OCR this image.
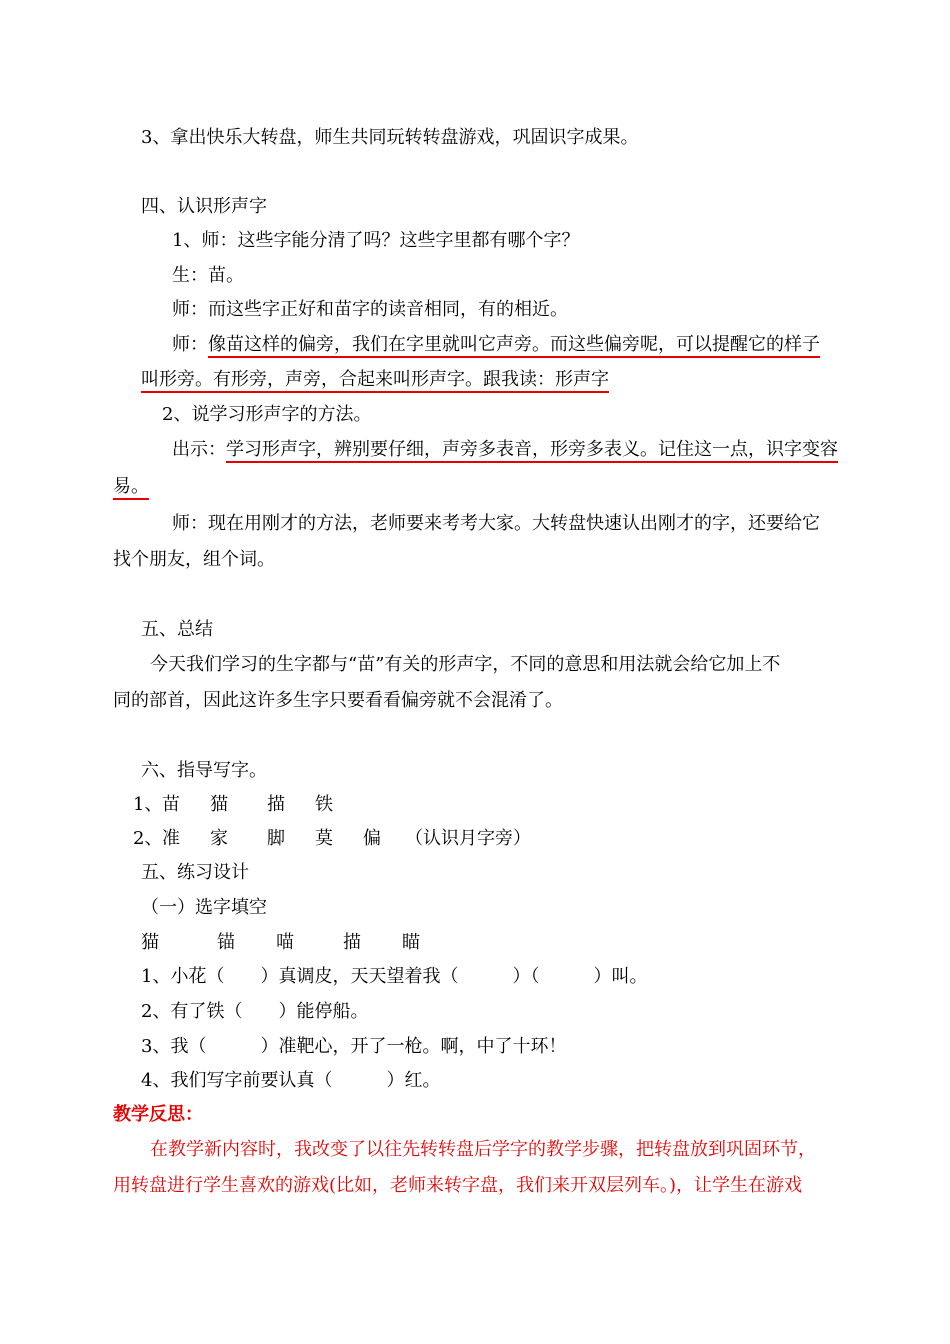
3、拿出快乐大转盘，师生共同玩转转盘游戏，巩固识字成果。
四、认识形声字
1、师：这些字能分清了吗？这些字里都有哪个字？
生：苗。
师：而这些字正好和苗字的读音相同，有的相近。
师：像苗这样的偏旁，我们在字里就叫它声旁。而这些偏旁呢，可以提醒它的样子
叫形旁。有形旁，声旁，合起来叫形声字。跟我读：形声字
2、说学习形声字的方法。
出示：学习形声字，辨别要仔细，声旁多表音，形旁多表义。记住这一点，识字变容
易。
师：现在用刚才的方法，老师要来考考大家。大转盘快速认出刚才的字，还要给它
找个朋友，组个词。
五、总结
今天我们学习的生字都与“苗”有关的形声字，不同的意思和用法就会给它加上不
同的部首，因此这许多生字只要看看偏旁就不会混淆了。
六、指导写字。
1、 苗 猫 描 铁
2、 准 家 脚 莫 偏 （认识月字旁）
五、练习设计
（一）选字填空
猫	锚 喵	描 瞄
1、小花（　　）真调皮，天天望着我（　　　）（　　　）叫。
2、有了铁（　　）能停船。
3、我（　　　）准靶心，开了一枪。啊，中了十环！
4、我们写字前要认真（　　　）红。
教学反思：
在教学新内容时，我改变了以往先转转盘后学字的教学步骤，把转盘放到巩固环节，
用转盘进行学生喜欢的游戏(比如，老师来转字盘，我们来开双层列车。)，让学生在游戏
